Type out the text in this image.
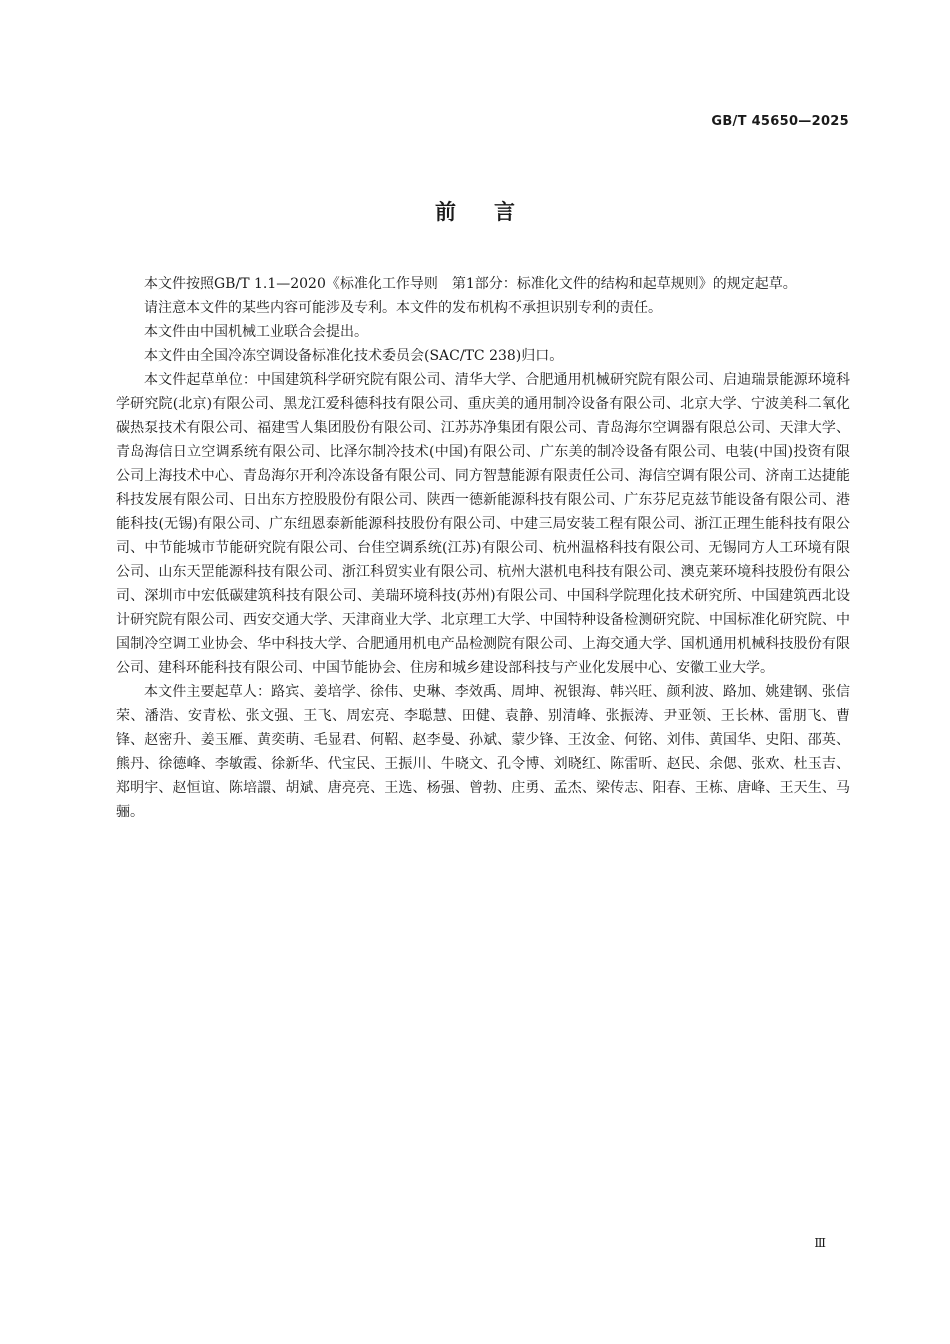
GB/T 45650—2025
前言

本文件按照GB/T 1.1—2020《标准化工作导则　第1部分：标准化文件的结构和起草规则》的规定起草。

请注意本文件的某些内容可能涉及专利。本文件的发布机构不承担识别专利的责任。

本文件由中国机械工业联合会提出。

本文件由全国冷冻空调设备标准化技术委员会(SAC/TC 238)归口。

本文件起草单位：中国建筑科学研究院有限公司、清华大学、合肥通用机械研究院有限公司、启迪瑞景能源环境科学研究院(北京)有限公司、黑龙江爱科德科技有限公司、重庆美的通用制冷设备有限公司、北京大学、宁波美科二氧化碳热泵技术有限公司、福建雪人集团股份有限公司、江苏苏净集团有限公司、青岛海尔空调器有限总公司、天津大学、青岛海信日立空调系统有限公司、比泽尔制冷技术(中国)有限公司、广东美的制冷设备有限公司、电装(中国)投资有限公司上海技术中心、青岛海尔开利冷冻设备有限公司、同方智慧能源有限责任公司、海信空调有限公司、济南工达捷能科技发展有限公司、日出东方控股股份有限公司、陕西一德新能源科技有限公司、广东芬尼克兹节能设备有限公司、港能科技(无锡)有限公司、广东纽恩泰新能源科技股份有限公司、中建三局安装工程有限公司、浙江正理生能科技有限公司、中节能城市节能研究院有限公司、台佳空调系统(江苏)有限公司、杭州温格科技有限公司、无锡同方人工环境有限公司、山东天罡能源科技有限公司、浙江科贸实业有限公司、杭州大湛机电科技有限公司、澳克莱环境科技股份有限公司、深圳市中宏低碳建筑科技有限公司、美瑞环境科技(苏州)有限公司、中国科学院理化技术研究所、中国建筑西北设计研究院有限公司、西安交通大学、天津商业大学、北京理工大学、中国特种设备检测研究院、中国标准化研究院、中国制冷空调工业协会、华中科技大学、合肥通用机电产品检测院有限公司、上海交通大学、国机通用机械科技股份有限公司、建科环能科技有限公司、中国节能协会、住房和城乡建设部科技与产业化发展中心、安徽工业大学。

本文件主要起草人：路宾、姜培学、徐伟、史琳、李效禹、周坤、祝银海、韩兴旺、颜利波、路加、姚建钢、张信荣、潘浩、安青松、张文强、王飞、周宏亮、李聪慧、田健、袁静、别清峰、张振涛、尹亚领、王长林、雷朋飞、曹锋、赵密升、姜玉雁、黄奕萌、毛显君、何鞀、赵李曼、孙斌、蒙少锋、王汝金、何铭、刘伟、黄国华、史阳、邵英、熊丹、徐德峰、李敏霞、徐新华、代宝民、王振川、牛晓文、孔令博、刘晓红、陈雷昕、赵民、余偲、张欢、杜玉吉、郑明宇、赵恒谊、陈培譞、胡斌、唐亮亮、王选、杨强、曾勃、庄勇、孟杰、梁传志、阳春、王栋、唐峰、王天生、马骊。

Ⅲ
